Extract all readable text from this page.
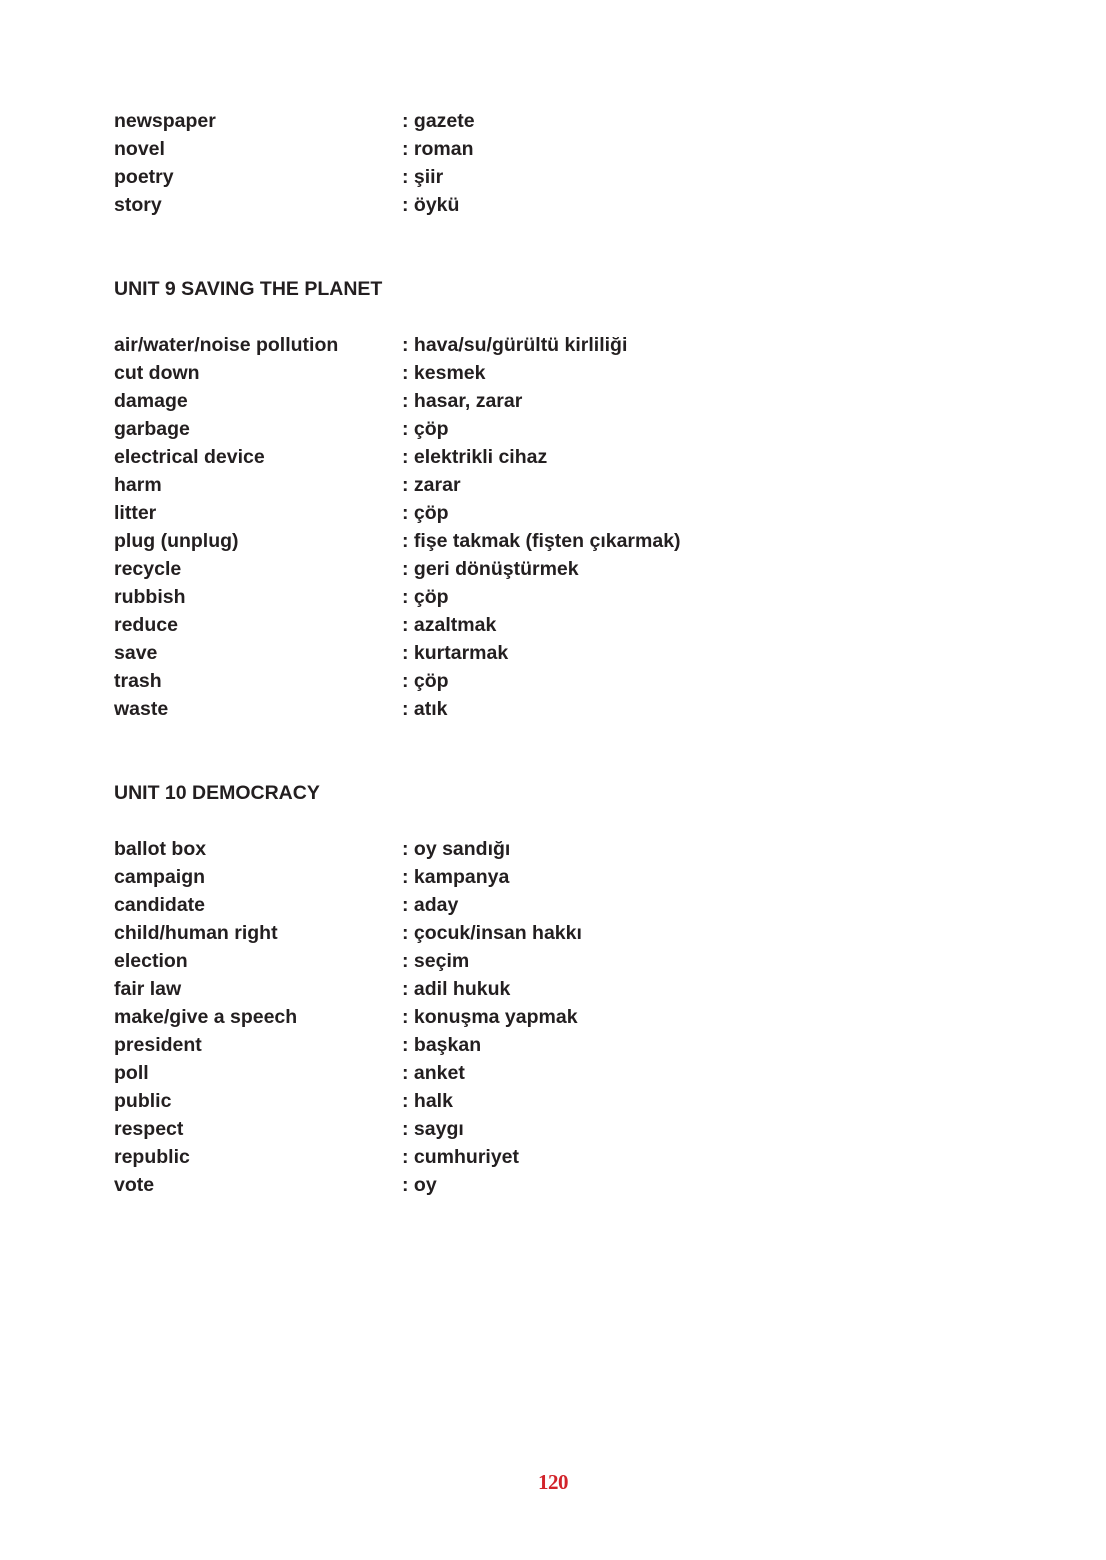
newspaper	: gazete
novel	: roman
poetry	: şiir
story	: öykü
UNIT 9 SAVING THE PLANET
air/water/noise pollution	: hava/su/gürültü kirliliği
cut down	: kesmek
damage	: hasar, zarar
garbage	: çöp
electrical device	: elektrikli cihaz
harm	: zarar
litter	: çöp
plug (unplug)	: fişe takmak (fişten çıkarmak)
recycle	: geri dönüştürmek
rubbish	: çöp
reduce	: azaltmak
save	: kurtarmak
trash	: çöp
waste	: atık
UNIT 10 DEMOCRACY
ballot box	: oy sandığı
campaign	: kampanya
candidate	: aday
child/human right	: çocuk/insan hakkı
election	: seçim
fair law	: adil hukuk
make/give a speech	: konuşma yapmak
president	: başkan
poll	: anket
public	: halk
respect	: saygı
republic	: cumhuriyet
vote	: oy
120
